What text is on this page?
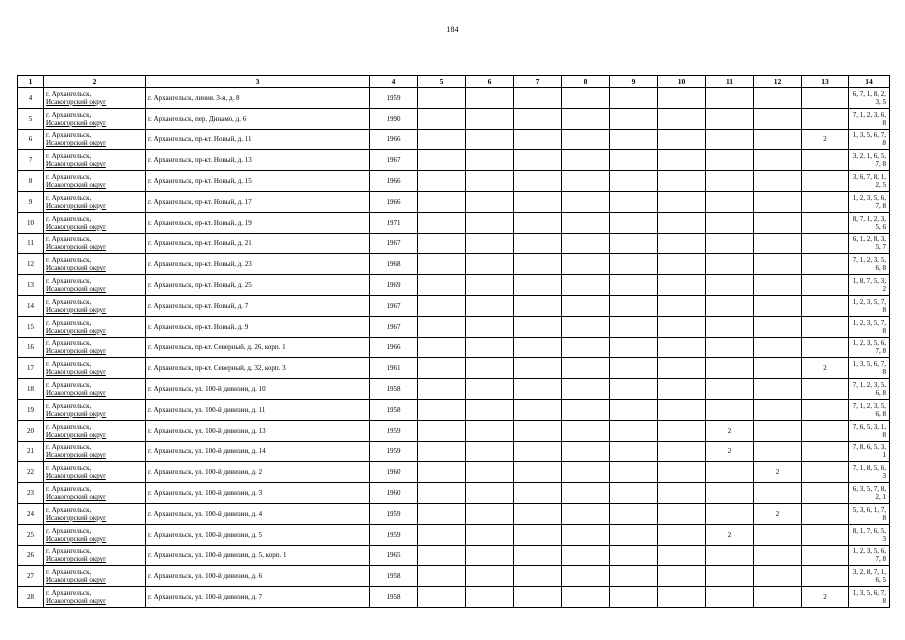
184
1	2	3	4	5	6	7	8	9	10	11	12	13	14
4	г. Архангельск,
Исакогорский округ	г. Архангельск, линия. 3-я, д. 8	1959										6, 7, 1, 8, 2,
3, 5

5	г. Архангельск,
Исакогорский округ	г. Архангельск, пер. Динамо, д. 6	1990										7, 1, 2, 3, 6,
8

6	г. Архангельск,
Исакогорский округ	г. Архангельск, пр-кт. Новый, д. 11	1966									2	1, 3, 5, 6, 7,
8

7	г. Архангельск,
Исакогорский округ	г. Архангельск, пр-кт. Новый, д. 13	1967										3, 2, 1, 6, 5,
7, 8

8	г. Архангельск,
Исакогорский округ	г. Архангельск, пр-кт. Новый, д. 15	1966										3, 6, 7, 8, 1,
2, 5

9	г. Архангельск,
Исакогорский округ	г. Архангельск, пр-кт. Новый, д. 17	1966										1, 2, 3, 5, 6,
7, 8

10	г. Архангельск,
Исакогорский округ	г. Архангельск, пр-кт. Новый, д. 19	1971										8, 7, 1, 2, 3,
5, 6

11	г. Архангельск,
Исакогорский округ	г. Архангельск, пр-кт. Новый, д. 21	1967										6, 1, 2, 8, 3,
5, 7

12	г. Архангельск,
Исакогорский округ	г. Архангельск, пр-кт. Новый, д. 23	1968										7, 1, 2, 3, 5,
6, 8

13	г. Архангельск,
Исакогорский округ	г. Архангельск, пр-кт. Новый, д. 25	1969										1, 8, 7, 5, 3,
2

14	г. Архангельск,
Исакогорский округ	г. Архангельск, пр-кт. Новый, д. 7	1967										1, 2, 3, 5, 7,
8

15	г. Архангельск,
Исакогорский округ	г. Архангельск, пр-кт. Новый, д. 9	1967										1, 2, 3, 5, 7,
8

16	г. Архангельск,
Исакогорский округ	г. Архангельск, пр-кт. Северный, д. 26, корп. 1	1966										1, 2, 3, 5, 6,
7, 8

17	г. Архангельск,
Исакогорский округ	г. Архангельск, пр-кт. Северный, д. 32, корп. 3	1961									2	1, 3, 5, 6, 7,
8

18	г. Архангельск,
Исакогорский округ	г. Архангельск, ул. 100-й дивизии, д. 10	1958										7, 1, 2, 3, 5,
6, 8

19	г. Архангельск,
Исакогорский округ	г. Архангельск, ул. 100-й дивизии, д. 11	1958										7, 1, 2, 3, 5,
6, 8

20	г. Архангельск,
Исакогорский округ	г. Архангельск, ул. 100-й дивизии, д. 13	1959							2			7, 6, 5, 3, 1,
8

21	г. Архангельск,
Исакогорский округ	г. Архангельск, ул. 100-й дивизии, д. 14	1959							2			7, 8, 6, 5, 3,
1

22	г. Архангельск,
Исакогорский округ	г. Архангельск, ул. 100-й дивизии, д. 2	1960								2		7, 1, 8, 5, 6,
3

23	г. Архангельск,
Исакогорский округ	г. Архангельск, ул. 100-й дивизии, д. 3	1960										6, 3, 5, 7, 8,
2, 1

24	г. Архангельск,
Исакогорский округ	г. Архангельск, ул. 100-й дивизии, д. 4	1959								2		5, 3, 6, 1, 7,
8

25	г. Архангельск,
Исакогорский округ	г. Архангельск, ул. 100-й дивизии, д. 5	1959							2			8, 1, 7, 6, 5,
3

26	г. Архангельск,
Исакогорский округ	г. Архангельск, ул. 100-й дивизии, д. 5, корп. 1	1965										1, 2, 3, 5, 6,
7, 8

27	г. Архангельск,
Исакогорский округ	г. Архангельск, ул. 100-й дивизии, д. 6	1958										3, 2, 8, 7, 1,
6, 5

28	г. Архангельск,
Исакогорский округ	г. Архангельск, ул. 100-й дивизии, д. 7	1958									2	1, 3, 5, 6, 7,
8
